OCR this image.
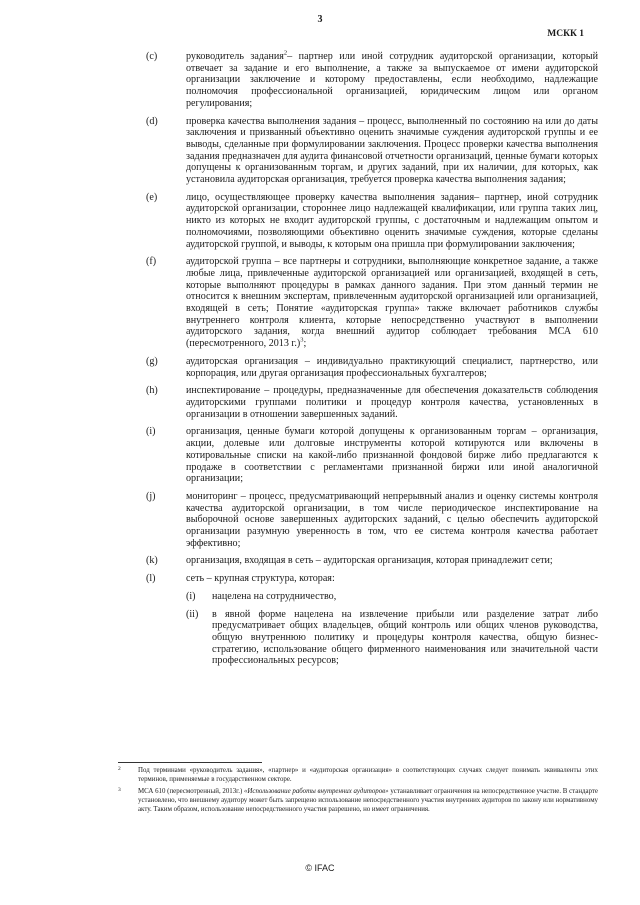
3
МСКК 1
(c)	руководитель задания$^2$– партнер или иной сотрудник аудиторской организации, который отвечает за задание и его выполнение, а также за выпускаемое от имени аудиторской организации заключение и которому предоставлены, если необходимо, надлежащие полномочия профессиональной организацией, юридическим лицом или органом регулирования;
(d)	проверка качества выполнения задания – процесс, выполненный по состоянию на или до даты заключения и призванный объективно оценить значимые суждения аудиторской группы и ее выводы, сделанные при формулировании заключения. Процесс проверки качества выполнения задания предназначен для аудита финансовой отчетности организаций, ценные бумаги которых допущены к организованным торгам, и других заданий, при их наличии, для которых, как установила аудиторская организация, требуется проверка качества выполнения задания;
(e)	лицо, осуществляющее проверку качества выполнения задания– партнер, иной сотрудник аудиторской организации, стороннее лицо надлежащей квалификации, или группа таких лиц, никто из которых не входит аудиторской группы, с достаточным и надлежащим опытом и полномочиями, позволяющими объективно оценить значимые суждения, которые сделаны аудиторской группой, и выводы, к которым она пришла при формулировании заключения;
(f)	аудиторской группа – все партнеры и сотрудники, выполняющие конкретное задание, а также любые лица, привлеченные аудиторской организацией или организацией, входящей в сеть, которые выполняют процедуры в рамках данного задания. При этом данный термин не относится к внешним экспертам, привлеченным аудиторской организацией или организацией, входящей в сеть; Понятие «аудиторская группа» также включает работников службы внутреннего контроля клиента, которые непосредственно участвуют в выполнении аудиторского задания, когда внешний аудитор соблюдает требования МСА 610 (пересмотренного, 2013 г.)$^3$;
(g)	аудиторская организация – индивидуально практикующий специалист, партнерство, или корпорация, или другая организация профессиональных бухгалтеров;
(h)	инспектирование – процедуры, предназначенные для обеспечения доказательств соблюдения аудиторскими группами политики и процедур контроля качества, установленных в организации в отношении завершенных заданий.
(i)	организация, ценные бумаги которой допущены к организованным торгам – организация, акции, долевые или долговые инструменты которой котируются или включены в котировальные списки на какой-либо признанной фондовой бирже либо предлагаются к продаже в соответствии с регламентами признанной биржи или иной аналогичной организации;
(j)	мониторинг – процесс, предусматривающий непрерывный анализ и оценку системы контроля качества аудиторской организации, в том числе периодическое инспектирование на выборочной основе завершенных аудиторских заданий, с целью обеспечить аудиторской организации разумную уверенность в том, что ее система контроля качества работает эффективно;
(k)	организация, входящая в сеть – аудиторская организация, которая принадлежит сети;
(l)	сеть – крупная структура, которая:
(i)	нацелена на сотрудничество,
(ii)	в явной форме нацелена на извлечение прибыли или разделение затрат либо предусматривает общих владельцев, общий контроль или общих членов руководства, общую внутреннюю политику и процедуры контроля качества, общую бизнес-стратегию, использование общего фирменного наименования или значительной части профессиональных ресурсов;
2	Под терминами «руководитель задания», «партнер» и «аудиторская организация» в соответствующих случаях следует понимать эквиваленты этих терминов, применяемые в государственном секторе.
3	МСА 610 (пересмотренный, 2013г.) «Использование работы внутренних аудиторов» устанавливает ограничения на непосредственное участие. В стандарте установлено, что внешнему аудитору может быть запрещено использование непосредственного участия внутренних аудиторов по закону или нормативному акту. Таким образом, использование непосредственного участия разрешено, но имеет ограничения.
© IFAC
